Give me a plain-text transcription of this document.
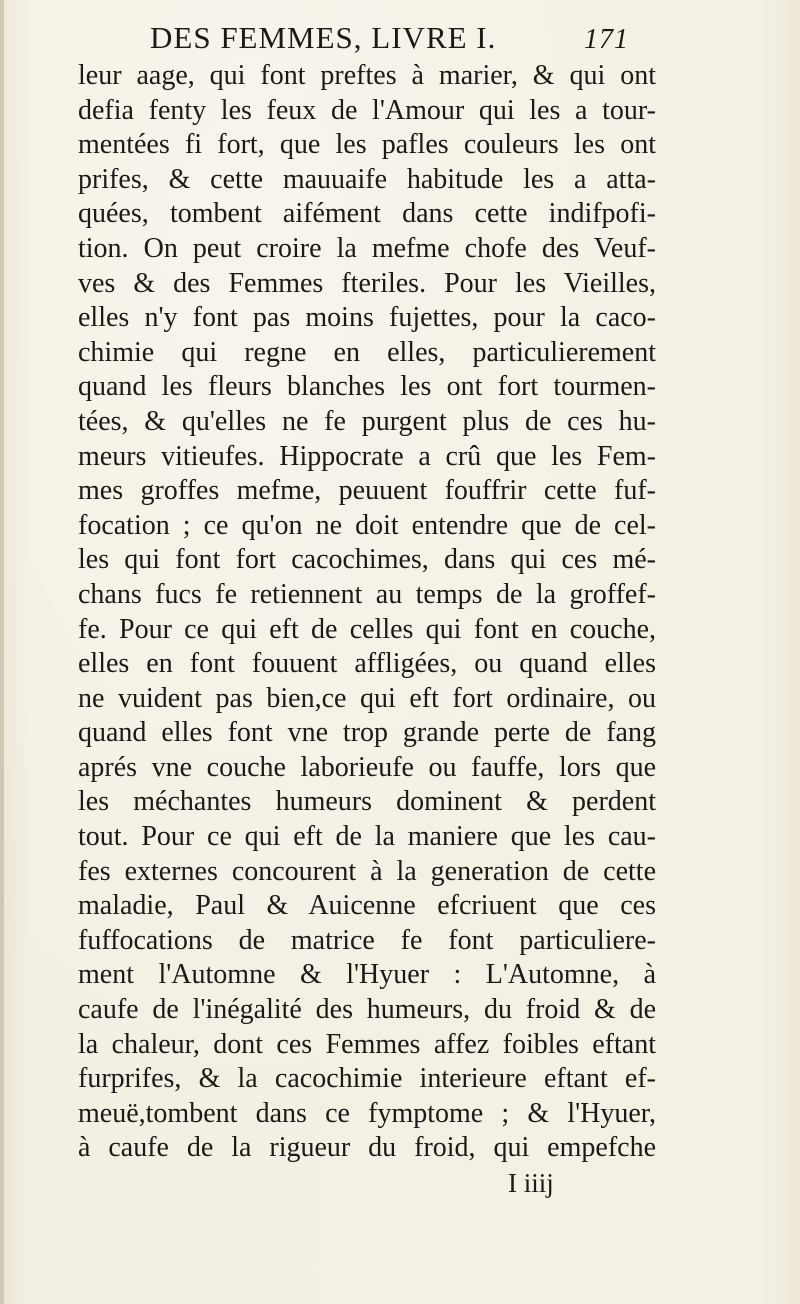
DES FEMMES, LIVRE I.	171
leur aage, qui font preftes à marier, & qui ont
defia fenty les feux de l'Amour qui les a tour-
mentées fi fort, que les pafles couleurs les ont
prifes, & cette mauuaife habitude les a atta-
quées, tombent aifément dans cette indifpofi-
tion. On peut croire la mefme chofe des Veuf-
ves & des Femmes fteriles. Pour les Vieilles,
elles n'y font pas moins fujettes, pour la caco-
chimie qui regne en elles, particulierement
quand les fleurs blanches les ont fort tourmen-
tées, & qu'elles ne fe purgent plus de ces hu-
meurs vitieufes. Hippocrate a crû que les Fem-
mes groffes mefme, peuuent fouffrir cette fuf-
focation ; ce qu'on ne doit entendre que de cel-
les qui font fort cacochimes, dans qui ces mé-
chans fucs fe retiennent au temps de la groffef-
fe. Pour ce qui eft de celles qui font en couche,
elles en font fouuent affligées, ou quand elles
ne vuident pas bien,ce qui eft fort ordinaire, ou
quand elles font vne trop grande perte de fang
aprés vne couche laborieufe ou fauffe, lors que
les méchantes humeurs dominent & perdent
tout. Pour ce qui eft de la maniere que les cau-
fes externes concourent à la generation de cette
maladie, Paul & Auicenne efcriuent que ces
fuffocations de matrice fe font particuliere-
ment l'Automne & l'Hyuer : L'Automne, à
caufe de l'inégalité des humeurs, du froid & de
la chaleur, dont ces Femmes affez foibles eftant
furprifes, & la cacochimie interieure eftant ef-
meuë,tombent dans ce fymptome ; & l'Hyuer,
à caufe de la rigueur du froid, qui empefche
I iiij
